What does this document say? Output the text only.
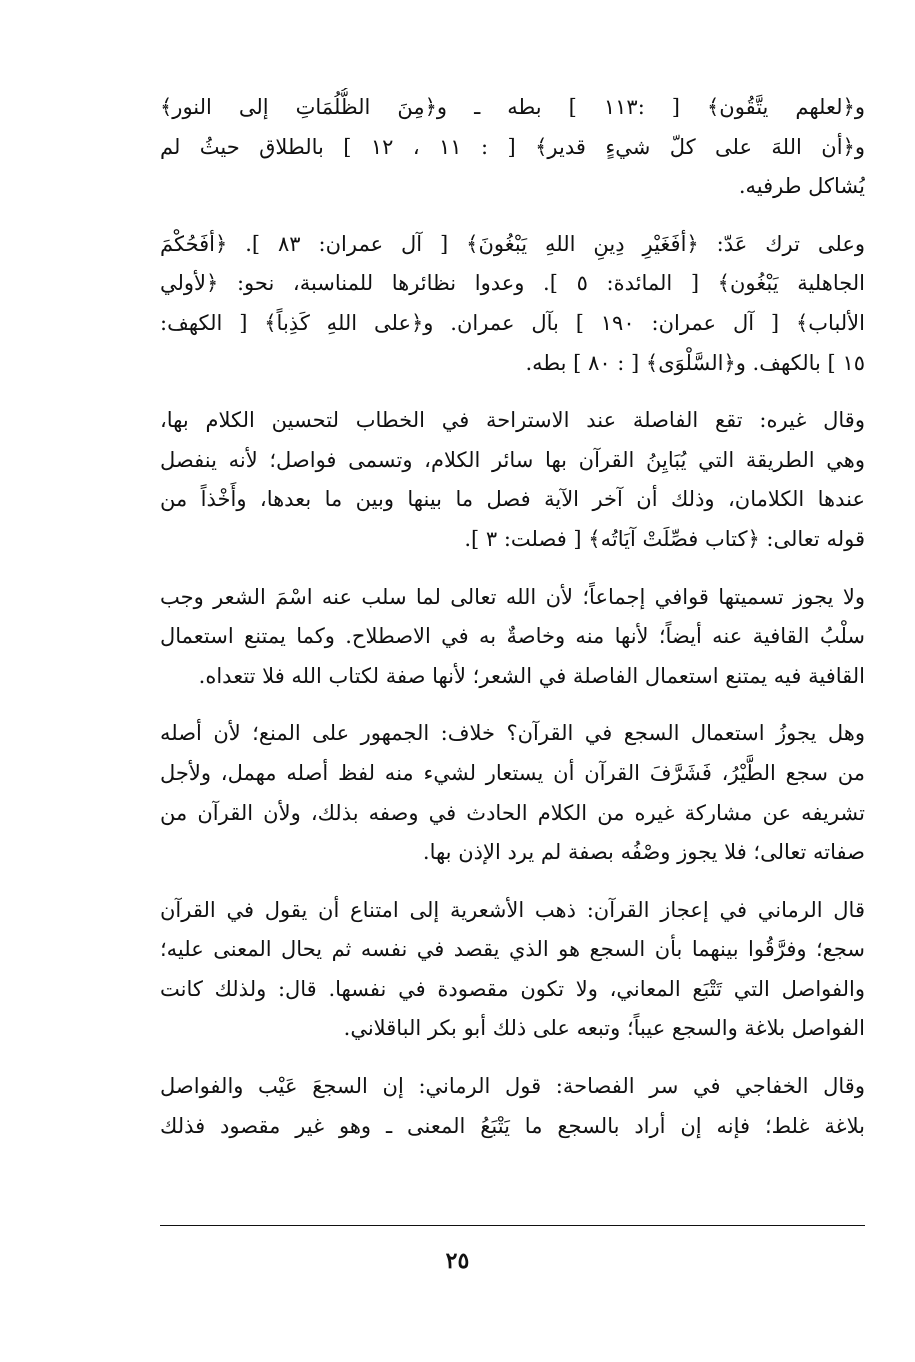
و﴿لعلهم يتَّقُون﴾ [ :١١٣ ] بطه ـ و﴿مِنَ الظُّلُمَاتِ إلى النور﴾
و﴿أن اللهَ على كلّ شيءٍ قدير﴾ [ : ١١ ، ١٢ ] بالطلاق حيثُ لم
يُشاكل طرفيه.
وعلى ترك عَدّ: ﴿أفَغَيْرِ دِينِ اللهِ يَبْغُونَ﴾ [ آل عمران: ٨٣ ]. ﴿أفَحُكْمَ
الجاهلية يَبْغُون﴾ [ المائدة: ٥ ]. وعدوا نظائرها للمناسبة، نحو: ﴿لأولي
الألباب﴾ [ آل عمران: ١٩٠ ] بآل عمران. و﴿على اللهِ كَذِباً﴾ [ الكهف:
١٥ ] بالكهف. و﴿السَّلْوَى﴾ [ : ٨٠ ] بطه.
وقال غيره: تقع الفاصلة عند الاستراحة في الخطاب لتحسين الكلام بها،
وهي الطريقة التي يُبَايِنُ القرآن بها سائر الكلام، وتسمى فواصل؛ لأنه ينفصل
عندها الكلامان، وذلك أن آخر الآية فصل ما بينها وبين ما بعدها، وأَخْذاً من
قوله تعالى: ﴿كتاب فصِّلَتْ آيَاتُه﴾ [ فصلت: ٣ ].
ولا يجوز تسميتها قوافي إجماعاً؛ لأن الله تعالى لما سلب عنه اسْمَ الشعر وجب
سلْبُ القافية عنه أيضاً؛ لأنها منه وخاصةٌ به في الاصطلاح. وكما يمتنع استعمال
القافية فيه يمتنع استعمال الفاصلة في الشعر؛ لأنها صفة لكتاب الله فلا تتعداه.
وهل يجوزُ استعمال السجع في القرآن؟ خلاف: الجمهور على المنع؛ لأن أصله
من سجع الطَّيْرُ، فَشَرَّفَ القرآن أن يستعار لشيء منه لفظ أصله مهمل، ولأجل
تشريفه عن مشاركة غيره من الكلام الحادث في وصفه بذلك، ولأن القرآن من
صفاته تعالى؛ فلا يجوز وصْفُه بصفة لم يرد الإذن بها.
قال الرماني في إعجاز القرآن: ذهب الأشعرية إلى امتناع أن يقول في القرآن
سجع؛ وفرَّقُوا بينهما بأن السجع هو الذي يقصد في نفسه ثم يحال المعنى عليه؛
والفواصل التي تَتْبَع المعاني، ولا تكون مقصودة في نفسها. قال: ولذلك كانت
الفواصل بلاغة والسجع عيباً؛ وتبعه على ذلك أبو بكر الباقلاني.
وقال الخفاجي في سر الفصاحة: قول الرماني: إن السجعَ عَيْب والفواصل
بلاغة غلط؛ فإنه إن أراد بالسجع ما يَتْبَعُ المعنى ـ وهو غير مقصود فذلك
٢٥
